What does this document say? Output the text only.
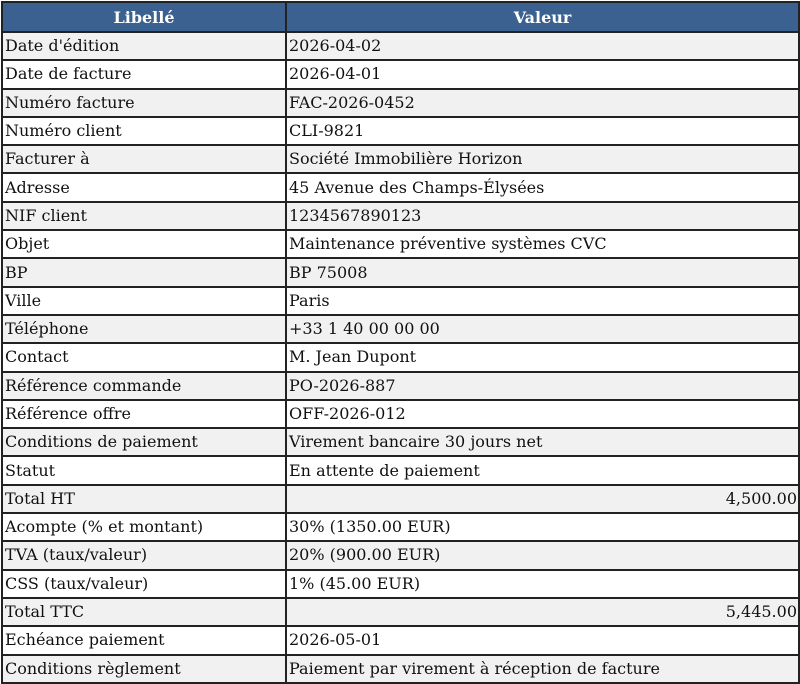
Libellé	Valeur
Date d'édition	2026-04-02
Date de facture	2026-04-01
Numéro facture	FAC-2026-0452
Numéro client	CLI-9821
Facturer à	Société Immobilière Horizon
Adresse	45 Avenue des Champs-Élysées
NIF client	1234567890123
Objet	Maintenance préventive systèmes CVC
BP	BP 75008
Ville	Paris
Téléphone	+33 1 40 00 00 00
Contact	M. Jean Dupont
Référence commande	PO-2026-887
Référence offre	OFF-2026-012
Conditions de paiement	Virement bancaire 30 jours net
Statut	En attente de paiement
Total HT	4,500.00
Acompte (% et montant)	30% (1350.00 EUR)
TVA (taux/valeur)	20% (900.00 EUR)
CSS (taux/valeur)	1% (45.00 EUR)
Total TTC	5,445.00
Echéance paiement	2026-05-01
Conditions règlement	Paiement par virement à réception de facture
